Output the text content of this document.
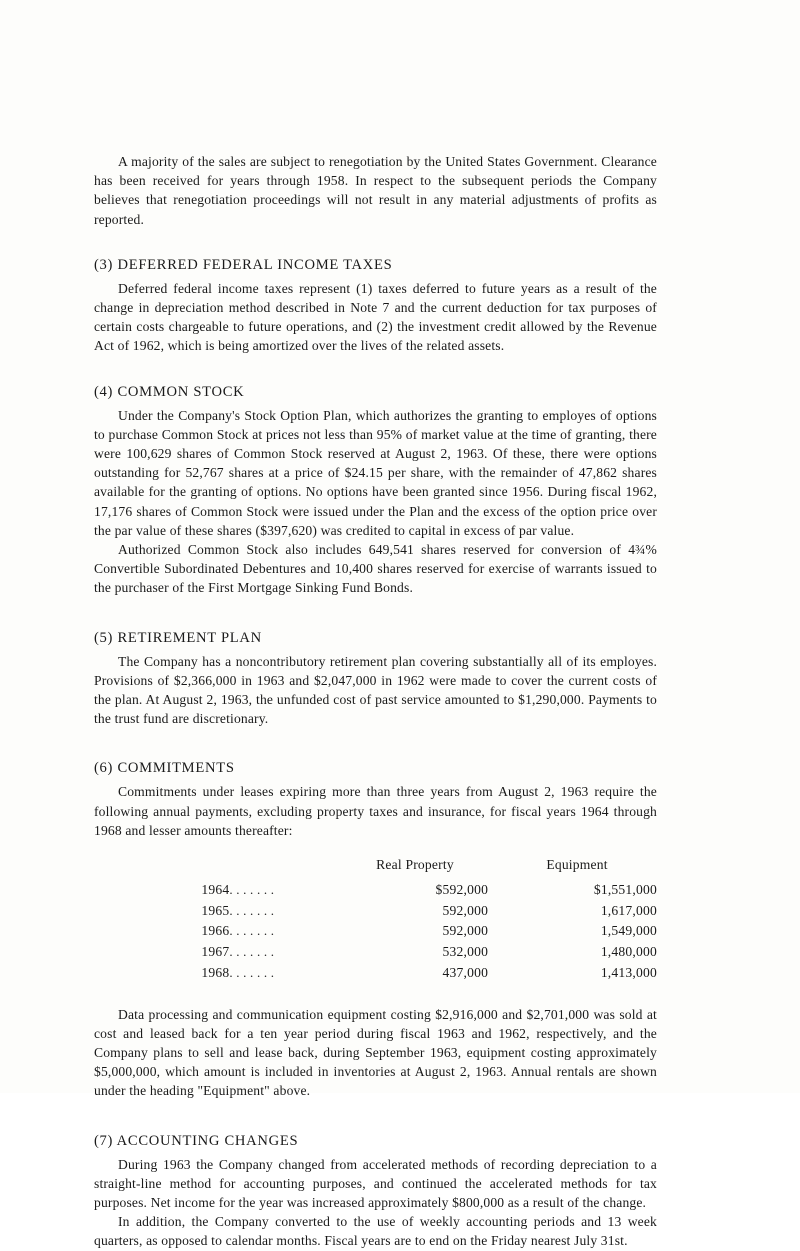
A majority of the sales are subject to renegotiation by the United States Government. Clearance has been received for years through 1958. In respect to the subsequent periods the Company believes that renegotiation proceedings will not result in any material adjustments of profits as reported.

(3) DEFERRED FEDERAL INCOME TAXES

Deferred federal income taxes represent (1) taxes deferred to future years as a result of the change in depreciation method described in Note 7 and the current deduction for tax purposes of certain costs chargeable to future operations, and (2) the investment credit allowed by the Revenue Act of 1962, which is being amortized over the lives of the related assets.

(4) COMMON STOCK

Under the Company's Stock Option Plan, which authorizes the granting to employes of options to purchase Common Stock at prices not less than 95% of market value at the time of granting, there were 100,629 shares of Common Stock reserved at August 2, 1963. Of these, there were options outstanding for 52,767 shares at a price of $24.15 per share, with the remainder of 47,862 shares available for the granting of options. No options have been granted since 1956. During fiscal 1962, 17,176 shares of Common Stock were issued under the Plan and the excess of the option price over the par value of these shares ($397,620) was credited to capital in excess of par value.

Authorized Common Stock also includes 649,541 shares reserved for conversion of 4¾% Convertible Subordinated Debentures and 10,400 shares reserved for exercise of warrants issued to the purchaser of the First Mortgage Sinking Fund Bonds.

(5) RETIREMENT PLAN

The Company has a noncontributory retirement plan covering substantially all of its employes. Provisions of $2,366,000 in 1963 and $2,047,000 in 1962 were made to cover the current costs of the plan. At August 2, 1963, the unfunded cost of past service amounted to $1,290,000. Payments to the trust fund are discretionary.

(6) COMMITMENTS

Commitments under leases expiring more than three years from August 2, 1963 require the following annual payments, excluding property taxes and insurance, for fiscal years 1964 through 1968 and lesser amounts thereafter:

		Real Property	Equipment
1964	. . . . . . .	$592,000	$1,551,000
1965	. . . . . . .	592,000	1,617,000
1966	. . . . . . .	592,000	1,549,000
1967	. . . . . . .	532,000	1,480,000
1968	. . . . . . .	437,000	1,413,000

Data processing and communication equipment costing $2,916,000 and $2,701,000 was sold at cost and leased back for a ten year period during fiscal 1963 and 1962, respectively, and the Company plans to sell and lease back, during September 1963, equipment costing approximately $5,000,000, which amount is included in inventories at August 2, 1963. Annual rentals are shown under the heading "Equipment" above.

(7) ACCOUNTING CHANGES

During 1963 the Company changed from accelerated methods of recording depreciation to a straight-line method for accounting purposes, and continued the accelerated methods for tax purposes. Net income for the year was increased approximately $800,000 as a result of the change.

In addition, the Company converted to the use of weekly accounting periods and 13 week quarters, as opposed to calendar months. Fiscal years are to end on the Friday nearest July 31st.
